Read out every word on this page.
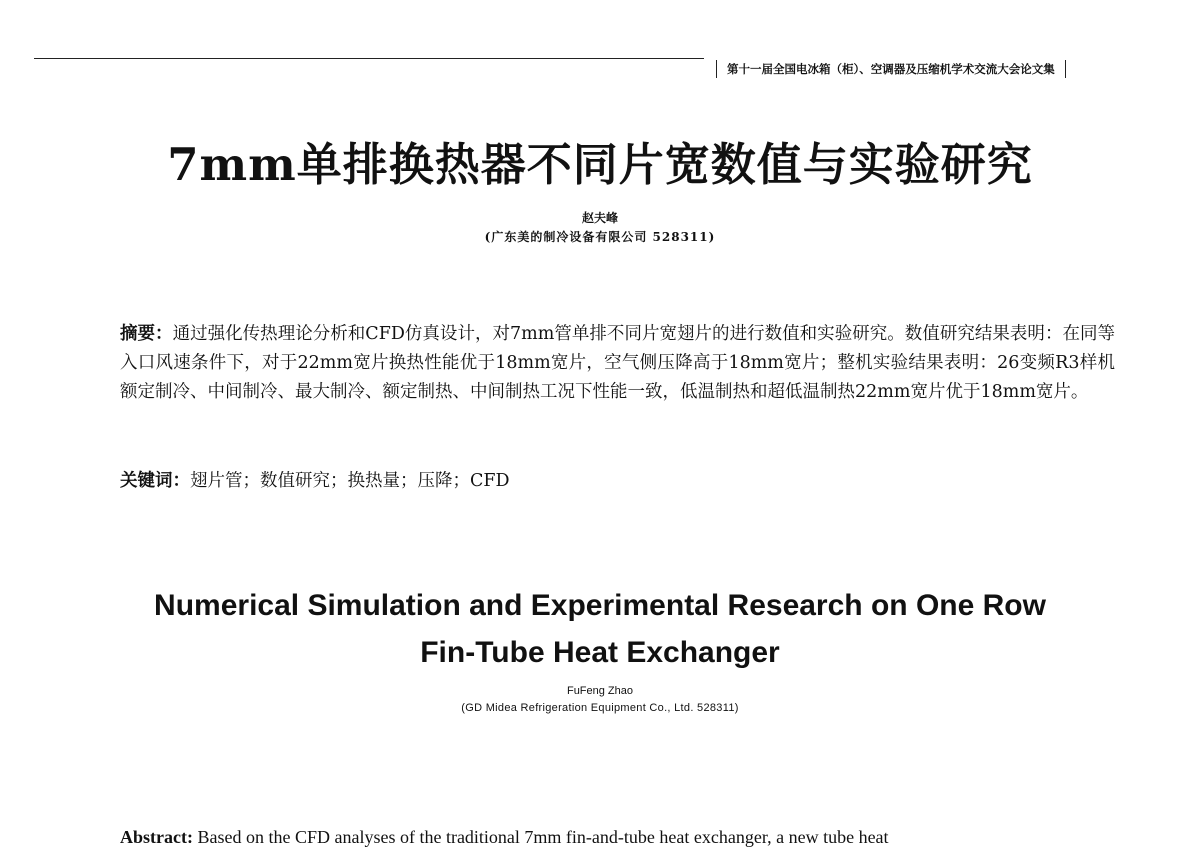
第十一届全国电冰箱（柜）、空调器及压缩机学术交流大会论文集
7mm单排换热器不同片宽数值与实验研究
赵夫峰
(广东美的制冷设备有限公司 528311)
摘要：通过强化传热理论分析和CFD仿真设计，对7mm管单排不同片宽翅片的进行数值和实验研究。数值研究结果表明：在同等入口风速条件下，对于22mm宽片换热性能优于18mm宽片，空气侧压降高于18mm宽片；整机实验结果表明：26变频R3样机额定制冷、中间制冷、最大制冷、额定制热、中间制热工况下性能一致，低温制热和超低温制热22mm宽片优于18mm宽片。
关键词：翅片管；数值研究；换热量；压降；CFD
Numerical Simulation and Experimental Research on One Row
Fin-Tube Heat Exchanger
FuFeng Zhao
(GD Midea Refrigeration Equipment Co., Ltd. 528311)
Abstract: Based on the CFD analyses of the traditional 7mm fin-and-tube heat exchanger, a new tube heat
